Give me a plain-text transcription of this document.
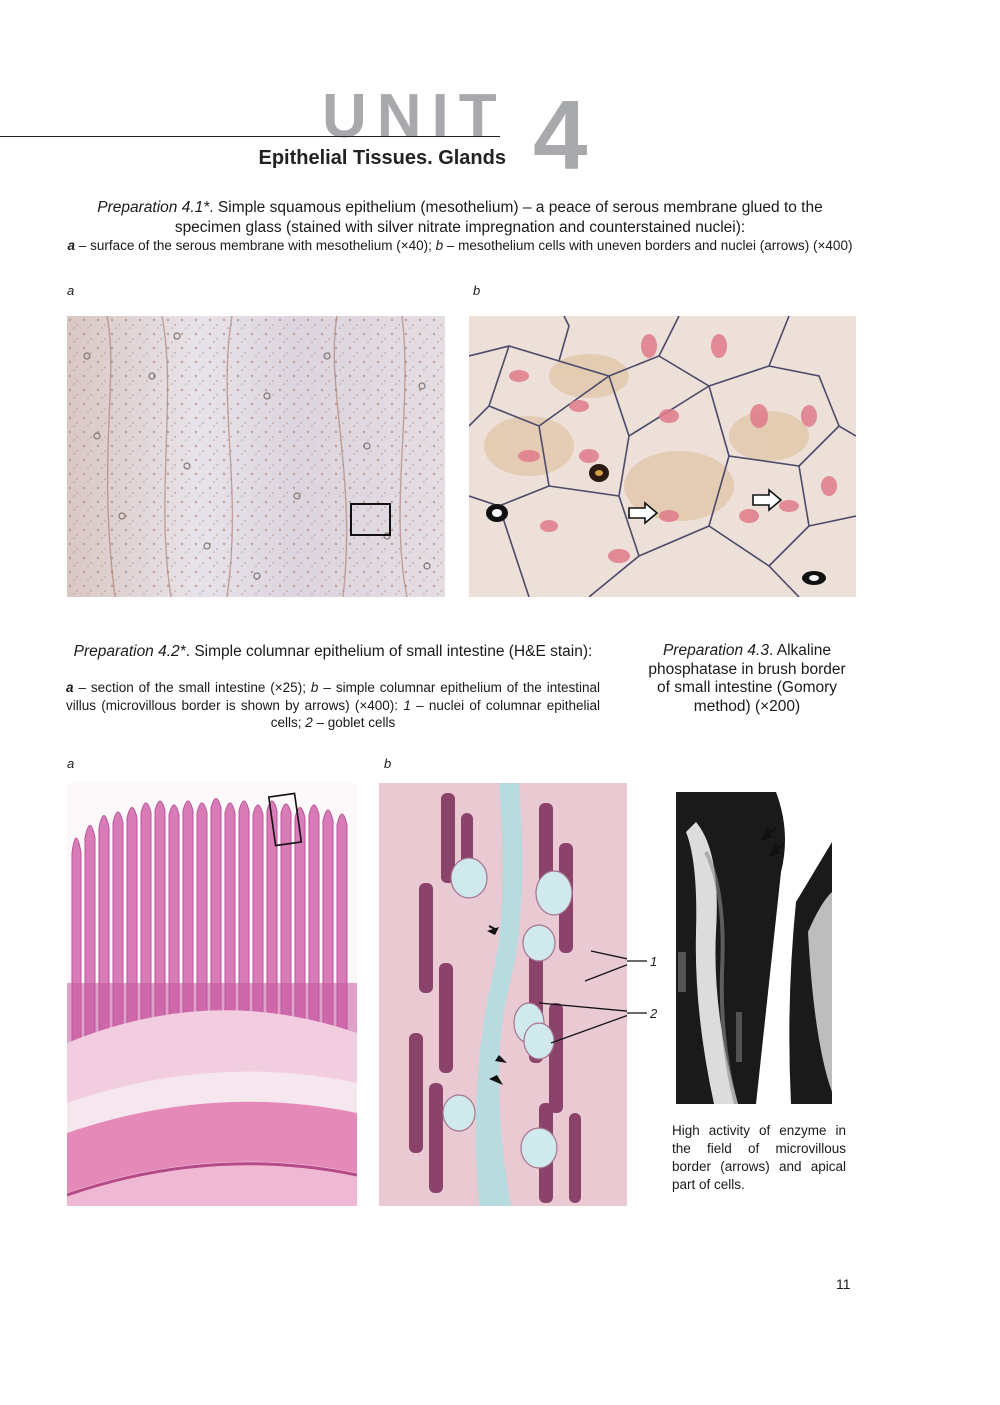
UNIT 4
Epithelial Tissues. Glands
Preparation 4.1*. Simple squamous epithelium (mesothelium) – a peace of serous membrane glued to the specimen glass (stained with silver nitrate impregnation and counterstained nuclei):
a – surface of the serous membrane with mesothelium (×40); b – mesothelium cells with uneven borders and nuclei (arrows) (×400)
a	b
Preparation 4.2*. Simple columnar epithelium of small intestine (H&E stain):
a – section of the small intestine (×25); b – simple columnar epithelium of the intestinal villus (microvillous border is shown by arrows) (×400): 1 – nuclei of columnar epithelial cells; 2 – goblet cells
Preparation 4.3. Alkaline phosphatase in brush border of small intestine (Gomory method) (×200)
a	b
1
2
High activity of enzyme in the field of microvillous border (arrows) and apical part of cells.
11
